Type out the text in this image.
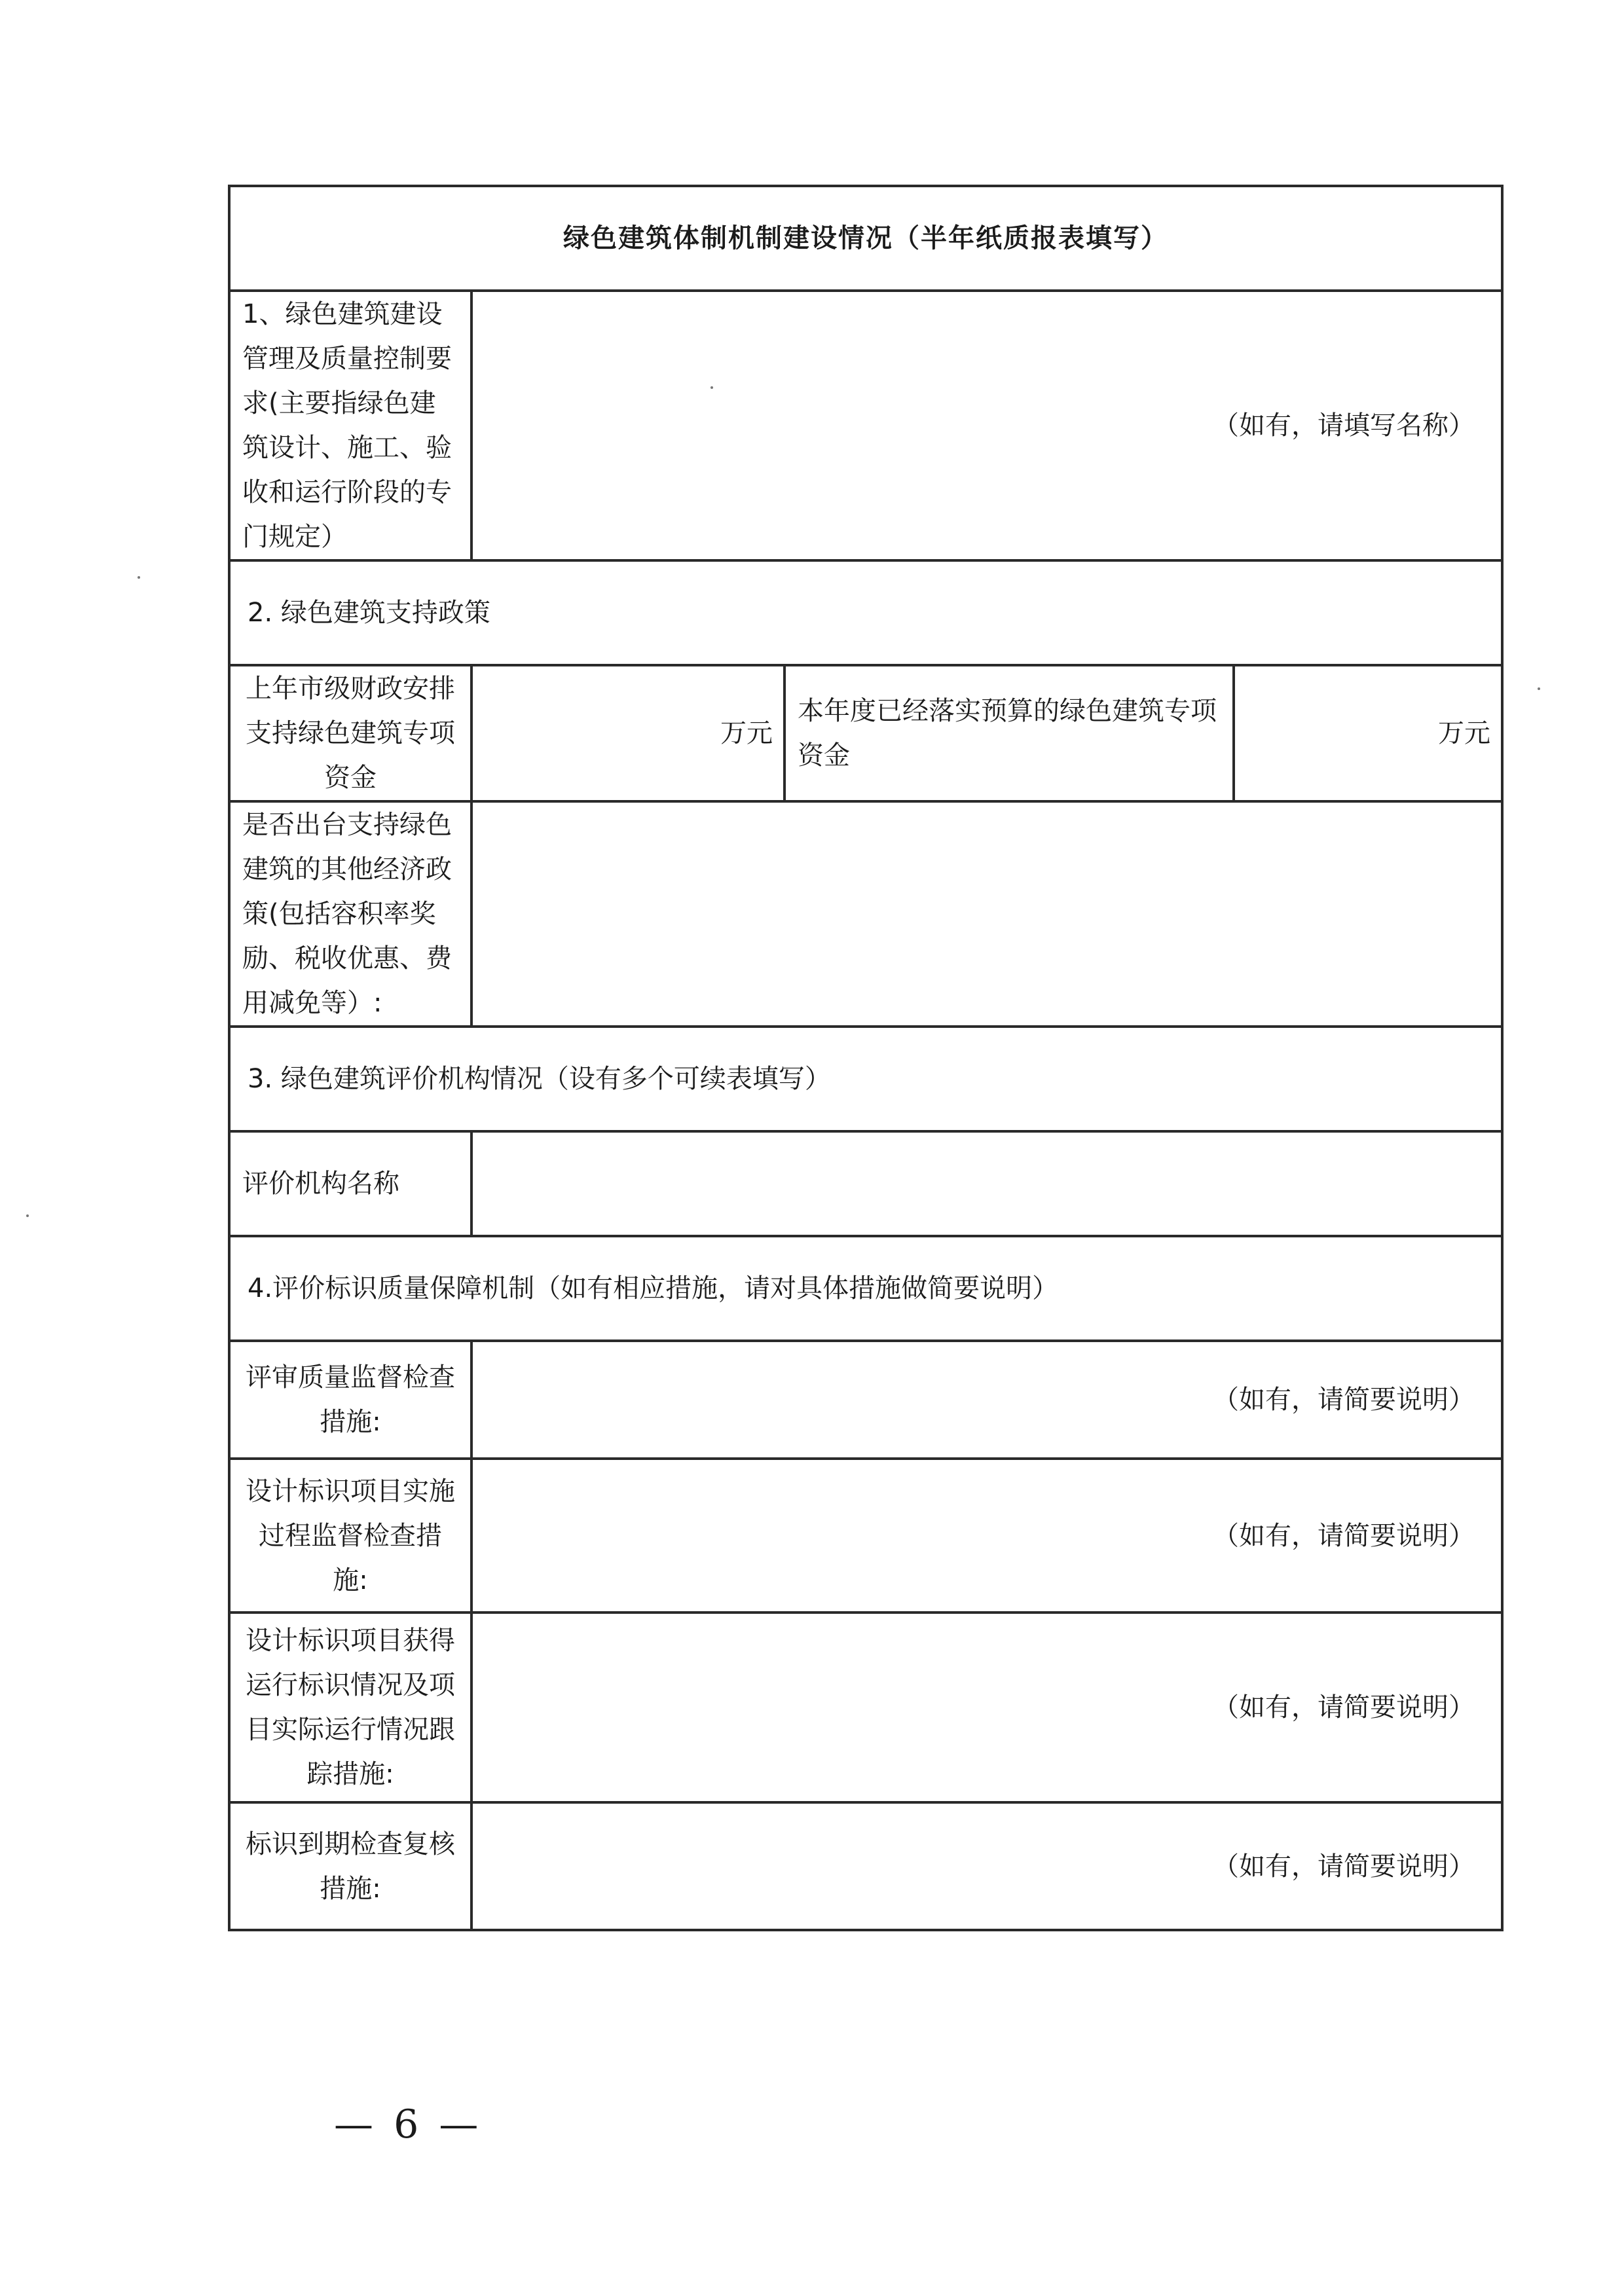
绿色建筑体制机制建设情况（半年纸质报表填写）			
1、绿色建筑建设管理及质量控制要求(主要指绿色建筑设计、施工、验收和运行阶段的专门规定）	（如有，请填写名称）		
2. 绿色建筑支持政策			
上年市级财政安排支持绿色建筑专项资金	万元	本年度已经落实预算的绿色建筑专项资金	万元
是否出台支持绿色建筑的其他经济政策(包括容积率奖励、税收优惠、费用减免等）:			
3. 绿色建筑评价机构情况（设有多个可续表填写）			
评价机构名称			
4.评价标识质量保障机制（如有相应措施，请对具体措施做简要说明）			
评审质量监督检查措施:	（如有，请简要说明）		
设计标识项目实施过程监督检查措施:	（如有，请简要说明）		
设计标识项目获得运行标识情况及项目实际运行情况跟踪措施:	（如有，请简要说明）		
标识到期检查复核措施:	（如有，请简要说明）		
— 6 —
